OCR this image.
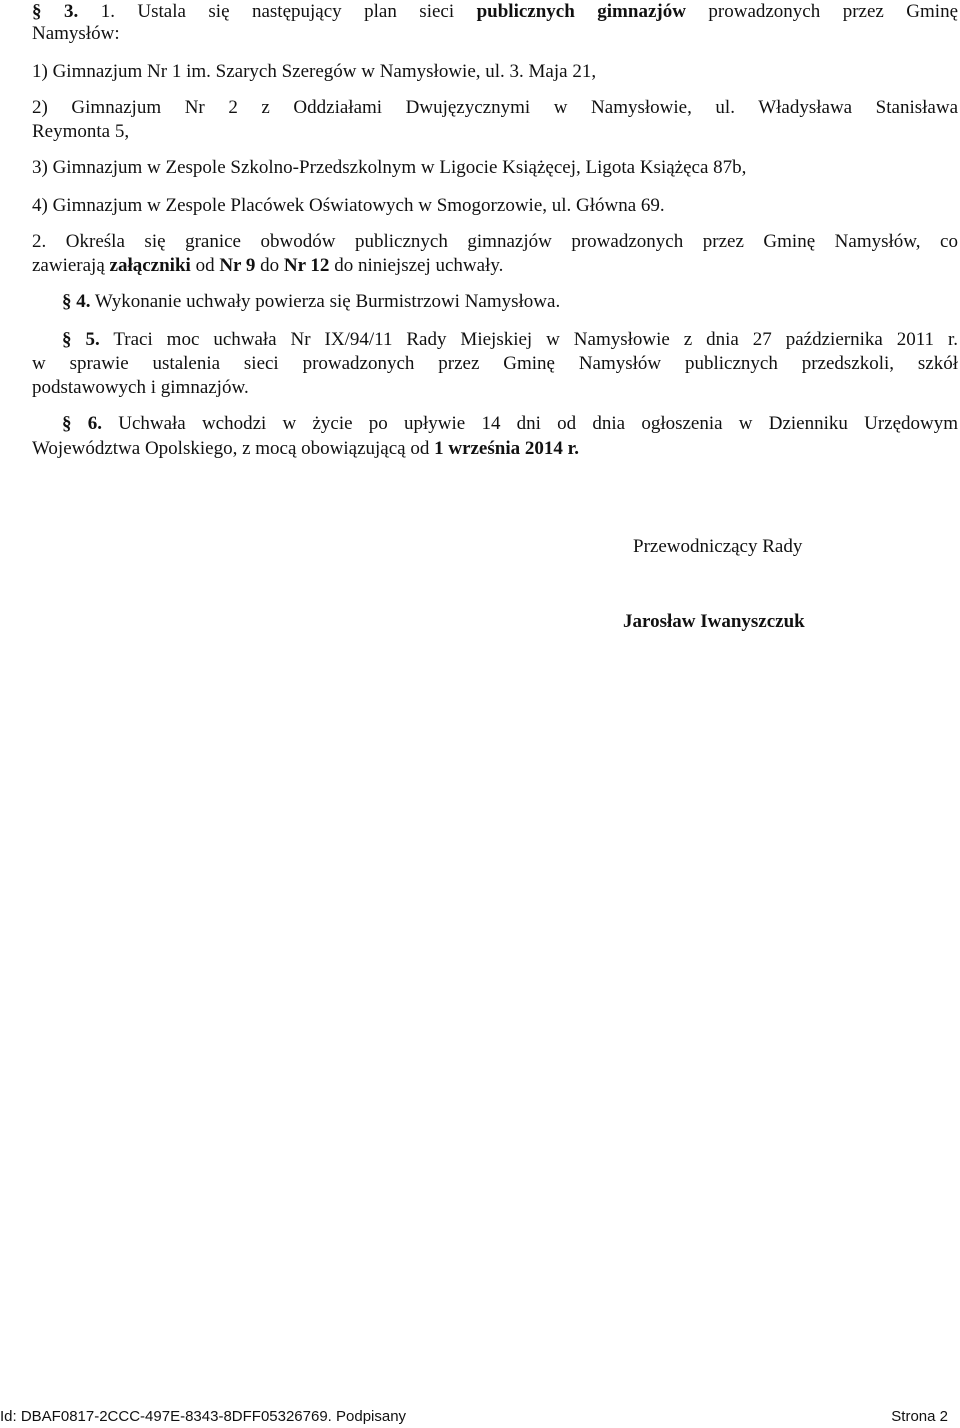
§ 3. 1. Ustala się następujący plan sieci publicznych gimnazjów prowadzonych przez Gminę
Namysłów:
1) Gimnazjum Nr 1 im. Szarych Szeregów w Namysłowie, ul. 3. Maja 21,
2) Gimnazjum Nr 2 z Oddziałami Dwujęzycznymi w Namysłowie, ul. Władysława Stanisława
Reymonta 5,
3) Gimnazjum w Zespole Szkolno-Przedszkolnym w Ligocie Książęcej, Ligota Książęca 87b,
4) Gimnazjum w Zespole Placówek Oświatowych w Smogorzowie, ul. Główna 69.
2. Określa się granice obwodów publicznych gimnazjów prowadzonych przez Gminę Namysłów, co
zawierają załączniki od Nr 9 do Nr 12 do niniejszej uchwały.
§ 4. Wykonanie uchwały powierza się Burmistrzowi Namysłowa.
§ 5. Traci moc uchwała Nr IX/94/11 Rady Miejskiej w Namysłowie z dnia 27 października 2011 r.
w sprawie ustalenia sieci prowadzonych przez Gminę Namysłów publicznych przedszkoli, szkół
podstawowych i gimnazjów.
§ 6. Uchwała wchodzi w życie po upływie 14 dni od dnia ogłoszenia w Dzienniku Urzędowym
Województwa Opolskiego, z mocą obowiązującą od 1 września 2014 r.
Przewodniczący Rady
Jarosław Iwanyszczuk
Id: DBAF0817-2CCC-497E-8343-8DFF05326769. Podpisany	Strona 2
